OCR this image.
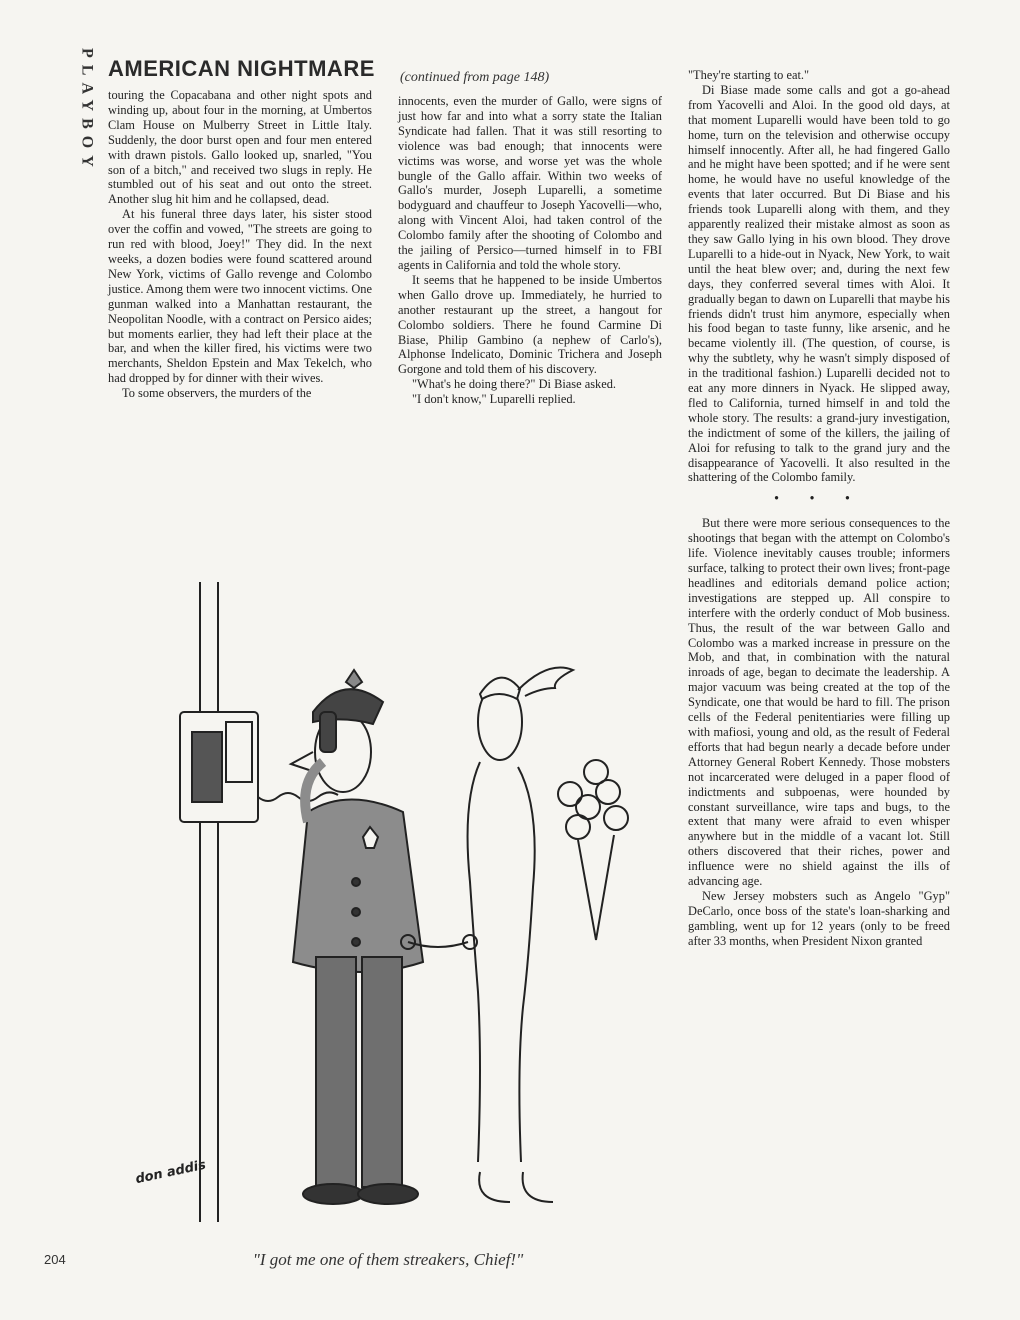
PLAYBOY AMERICAN NIGHTMARE (continued from page 148)

touring the Copacabana and other night spots and winding up, about four in the morning, at Umbertos Clam House on Mulberry Street in Little Italy. Suddenly, the door burst open and four men entered with drawn pistols. Gallo looked up, snarled, "You son of a bitch," and received two slugs in reply. He stumbled out of his seat and out onto the street. Another slug hit him and he collapsed, dead.

At his funeral three days later, his sister stood over the coffin and vowed, "The streets are going to run red with blood, Joey!" They did. In the next weeks, a dozen bodies were found scattered around New York, victims of Gallo revenge and Colombo justice. Among them were two innocent victims. One gunman walked into a Manhattan restaurant, the Neopolitan Noodle, with a contract on Persico aides; but moments earlier, they had left their place at the bar, and when the killer fired, his victims were two merchants, Sheldon Epstein and Max Tekelch, who had dropped by for dinner with their wives.

To some observers, the murders of the

innocents, even the murder of Gallo, were signs of just how far and into what a sorry state the Italian Syndicate had fallen. That it was still resorting to violence was bad enough; that innocents were victims was worse, and worse yet was the whole bungle of the Gallo affair. Within two weeks of Gallo's murder, Joseph Luparelli, a sometime bodyguard and chauffeur to Joseph Yacovelli—who, along with Vincent Aloi, had taken control of the Colombo family after the shooting of Colombo and the jailing of Persico—turned himself in to FBI agents in California and told the whole story.

It seems that he happened to be inside Umbertos when Gallo drove up. Immediately, he hurried to another restaurant up the street, a hangout for Colombo soldiers. There he found Carmine Di Biase, Philip Gambino (a nephew of Carlo's), Alphonse Indelicato, Dominic Trichera and Joseph Gorgone and told them of his discovery.

"What's he doing there?" Di Biase asked.

"I don't know," Luparelli replied.

"They're starting to eat."

Di Biase made some calls and got a go-ahead from Yacovelli and Aloi. In the good old days, at that moment Luparelli would have been told to go home, turn on the television and otherwise occupy himself innocently. After all, he had fingered Gallo and he might have been spotted; and if he were sent home, he would have no useful knowledge of the events that later occurred. But Di Biase and his friends took Luparelli along with them, and they apparently realized their mistake almost as soon as they saw Gallo lying in his own blood. They drove Luparelli to a hide-out in Nyack, New York, to wait until the heat blew over; and, during the next few days, they conferred several times with Aloi. It gradually began to dawn on Luparelli that maybe his friends didn't trust him anymore, especially when his food began to taste funny, like arsenic, and he became violently ill. (The question, of course, is why the subtlety, why he wasn't simply disposed of in the traditional fashion.) Luparelli decided not to eat any more dinners in Nyack. He slipped away, fled to California, turned himself in and told the whole story. The results: a grand-jury investigation, the indictment of some of the killers, the jailing of Aloi for refusing to talk to the grand jury and the disappearance of Yacovelli. It also resulted in the shattering of the Colombo family.

• • •

But there were more serious consequences to the shootings that began with the attempt on Colombo's life. Violence inevitably causes trouble; informers surface, talking to protect their own lives; front-page headlines and editorials demand police action; investigations are stepped up. All conspire to interfere with the orderly conduct of Mob business. Thus, the result of the war between Gallo and Colombo was a marked increase in pressure on the Mob, and that, in combination with the natural inroads of age, began to decimate the leadership. A major vacuum was being created at the top of the Syndicate, one that would be hard to fill. The prison cells of the Federal penitentiaries were filling up with mafiosi, young and old, as the result of Federal efforts that had begun nearly a decade before under Attorney General Robert Kennedy. Those mobsters not incarcerated were deluged in a paper flood of indictments and subpoenas, were hounded by constant surveillance, wire taps and bugs, to the extent that many were afraid to even whisper anywhere but in the middle of a vacant lot. Still others discovered that their riches, power and influence were no shield against the ills of advancing age.

New Jersey mobsters such as Angelo "Gyp" DeCarlo, once boss of the state's loan-sharking and gambling, went up for 12 years (only to be freed after 33 months, when President Nixon granted

don addis
"I got me one of them streakers, Chief!"
204
